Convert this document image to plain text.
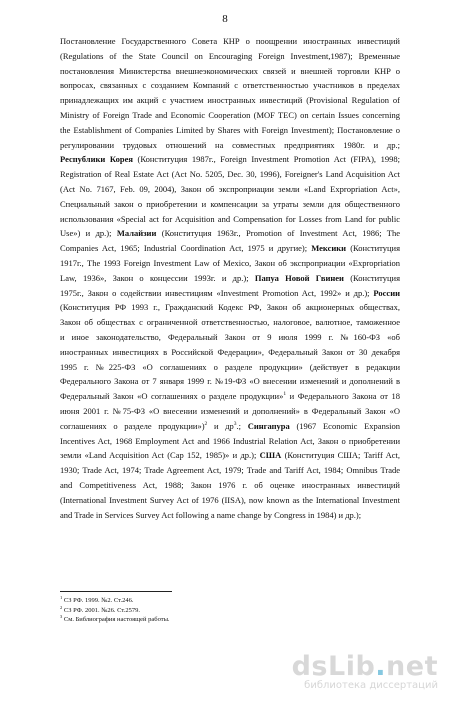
8
Постановление Государственного Совета КНР о поощрении иностранных инвестиций
(Regulations of the State Council on Encouraging Foreign Investment,1987); Временные
постановления Министерства внешнеэкономических связей и внешней торговли КНР о
вопросах, связанных с созданием Компаний с ответственностью участников в пределах
принадлежащих им акций с участием иностранных инвестиций (Provisional Regulation of
Ministry of Foreign Trade and Economic Cooperation (MOF TEC) on certain Issues concerning
the Establishment of Companies Limited by Shares with Foreign Investment); Постановление о
регулировании трудовых отношений на совместных предприятиях 1980г. и др.;
Республики Корея (Конституция 1987г., Foreign Investment Promotion Act (FIPA), 1998;
Registration of Real Estate Act (Act No. 5205, Dec. 30, 1996), Foreigner's Land Acquisition Act
(Act No. 7167, Feb. 09, 2004), Закон об экспроприации земли «Land Expropriation Act»,
Специальный закон о приобретении и компенсации за утраты земли для общественного
использования «Special act for Acquisition and Compensation for Losses from Land for public
Use») и др.); Малайзии (Конституция 1963г., Promotion of Investment Act, 1986; The
Companies Act, 1965; Industrial Coordination Act, 1975 и другие); Мексики (Конституция
1917г., The 1993 Foreign Investment Law of Mexico, Закон об экспроприации «Expropriation
Law, 1936», Закон о концессии 1993г. и др.); Папуа Новой Гвинеи (Конституция
1975г., Закон о содействии инвестициям «Investment Promotion Act, 1992» и др.); России
(Конституция РФ 1993 г., Гражданский Кодекс РФ, Закон об акционерных обществах,
Закон об обществах с ограниченной ответственностью, налоговое, валютное, таможенное
и иное законодательство, Федеральный Закон от 9 июля 1999 г. №160-ФЗ «об
иностранных инвестициях в Российской Федерации», Федеральный Закон от 30 декабря
1995 г. №225-ФЗ «О соглашениях о разделе продукции» (действует в редакции
Федерального Закона от 7 января 1999 г. №19-ФЗ «О внесении изменений и дополнений в
Федеральный Закон «О соглашениях о разделе продукции»$^1$ и Федерального Закона от 18
июня 2001 г. №75-ФЗ «О внесении изменений и дополнений» в Федеральный Закон «О
соглашениях о разделе продукции»)$^2$ и $др^3$.; Сингапура (1967 Economic Expansion
Incentives Act, 1968 Employment Act and 1966 Industrial Relation Act, Закон о приобретении
земли «Land Acquisition Act (Cap 152, 1985)» и др.); США (Конституция США; Tariff Act,
1930; Trade Act, 1974; Trade Agreement Act, 1979; Trade and Tariff Act, 1984; Omnibus Trade
and Competitiveness Act, 1988; Закон 1976 г. об оценке иностранных инвестиций
(International Investment Survey Act of 1976 (IISA), now known as the International Investment
and Trade in Services Survey Act following a name change by Congress in 1984) и др.);
$^1$ СЗ РФ. 1999. №2. Ст.246.
$^2$ СЗ РФ. 2001. №26. Ст.2579.
$^3$ См. Библиография настоящей работы.
dsLib.net
библиотека диссертаций
